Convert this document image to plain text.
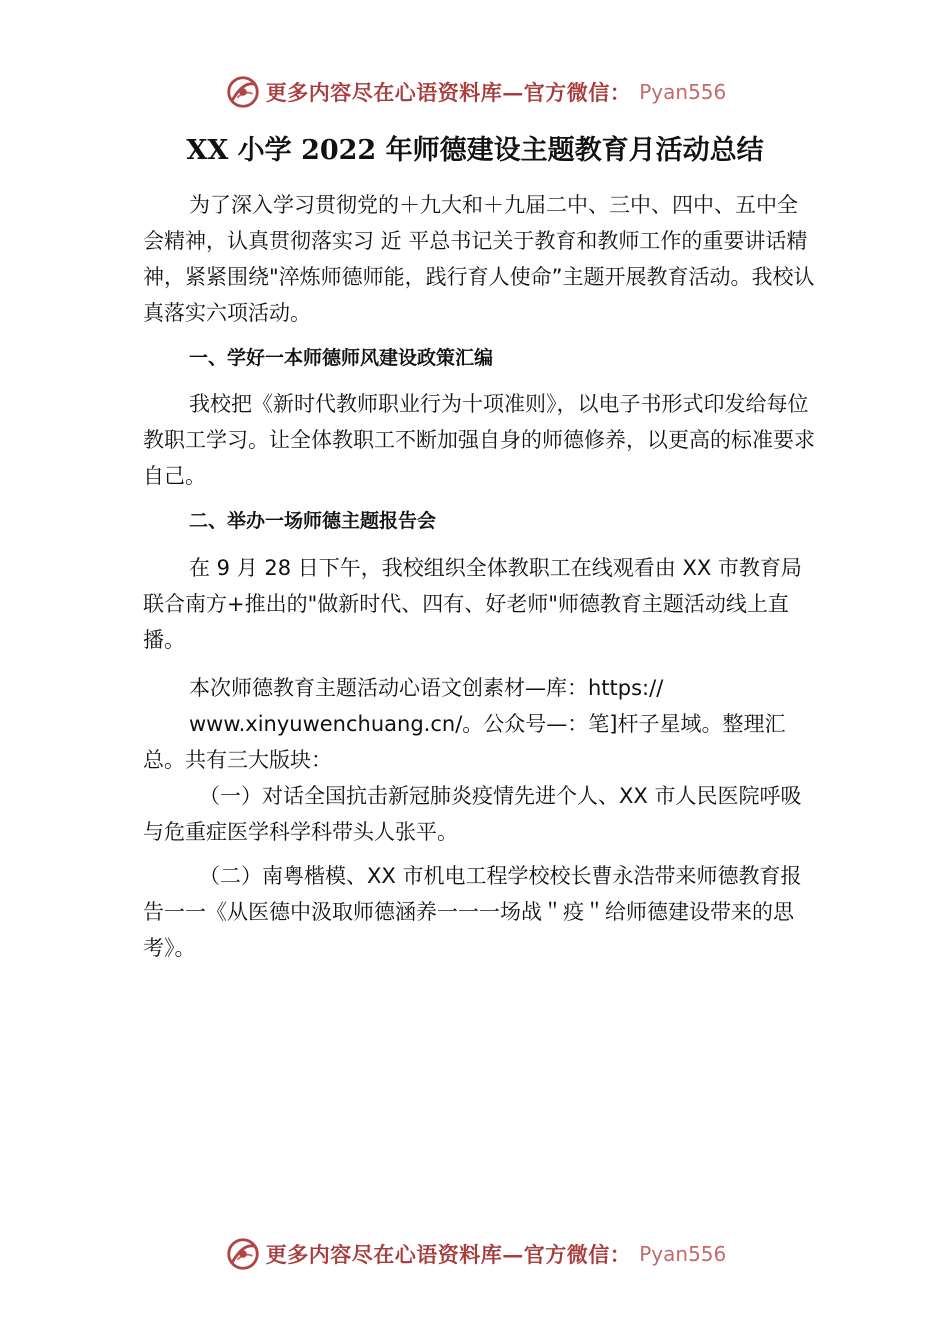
更多内容尽在心语资料库—官方微信： Pyan556
XX 小学 2022 年师德建设主题教育月活动总结

为了深入学习贯彻党的＋九大和＋九届二中、三中、四中、五中全会精神，认真贯彻落实习 近 平总书记关于教育和教师工作的重要讲话精神，紧紧围绕"淬炼师德师能，践行育人使命”主题开展教育活动。我校认真落实六项活动。

一、学好一本师德师风建设政策汇编

我校把《新时代教师职业行为十项准则》，以电子书形式印发给每位教职工学习。让全体教职工不断加强自身的师德修养，以更高的标准要求自己。

二、举办一场师德主题报告会

在 9 月 28 日下午，我校组织全体教职工在线观看由 XX 市教育局联合南方+推出的"做新时代、四有、好老师"师德教育主题活动线上直播。

本次师德教育主题活动心语文创素材—库：https://

www.xinyuwenchuang.cn/。公众号—：笔]杆子星域。整理汇总。共有三大版块：

（一）对话全国抗击新冠肺炎疫情先进个人、XX 市人民医院呼吸与危重症医学科学科带头人张平。

（二）南粤楷模、XX 市机电工程学校校长曹永浩带来师德教育报告一一《从医德中汲取师德涵养一一一场战＂疫＂给师德建设带来的思考》。

更多内容尽在心语资料库—官方微信： Pyan556
